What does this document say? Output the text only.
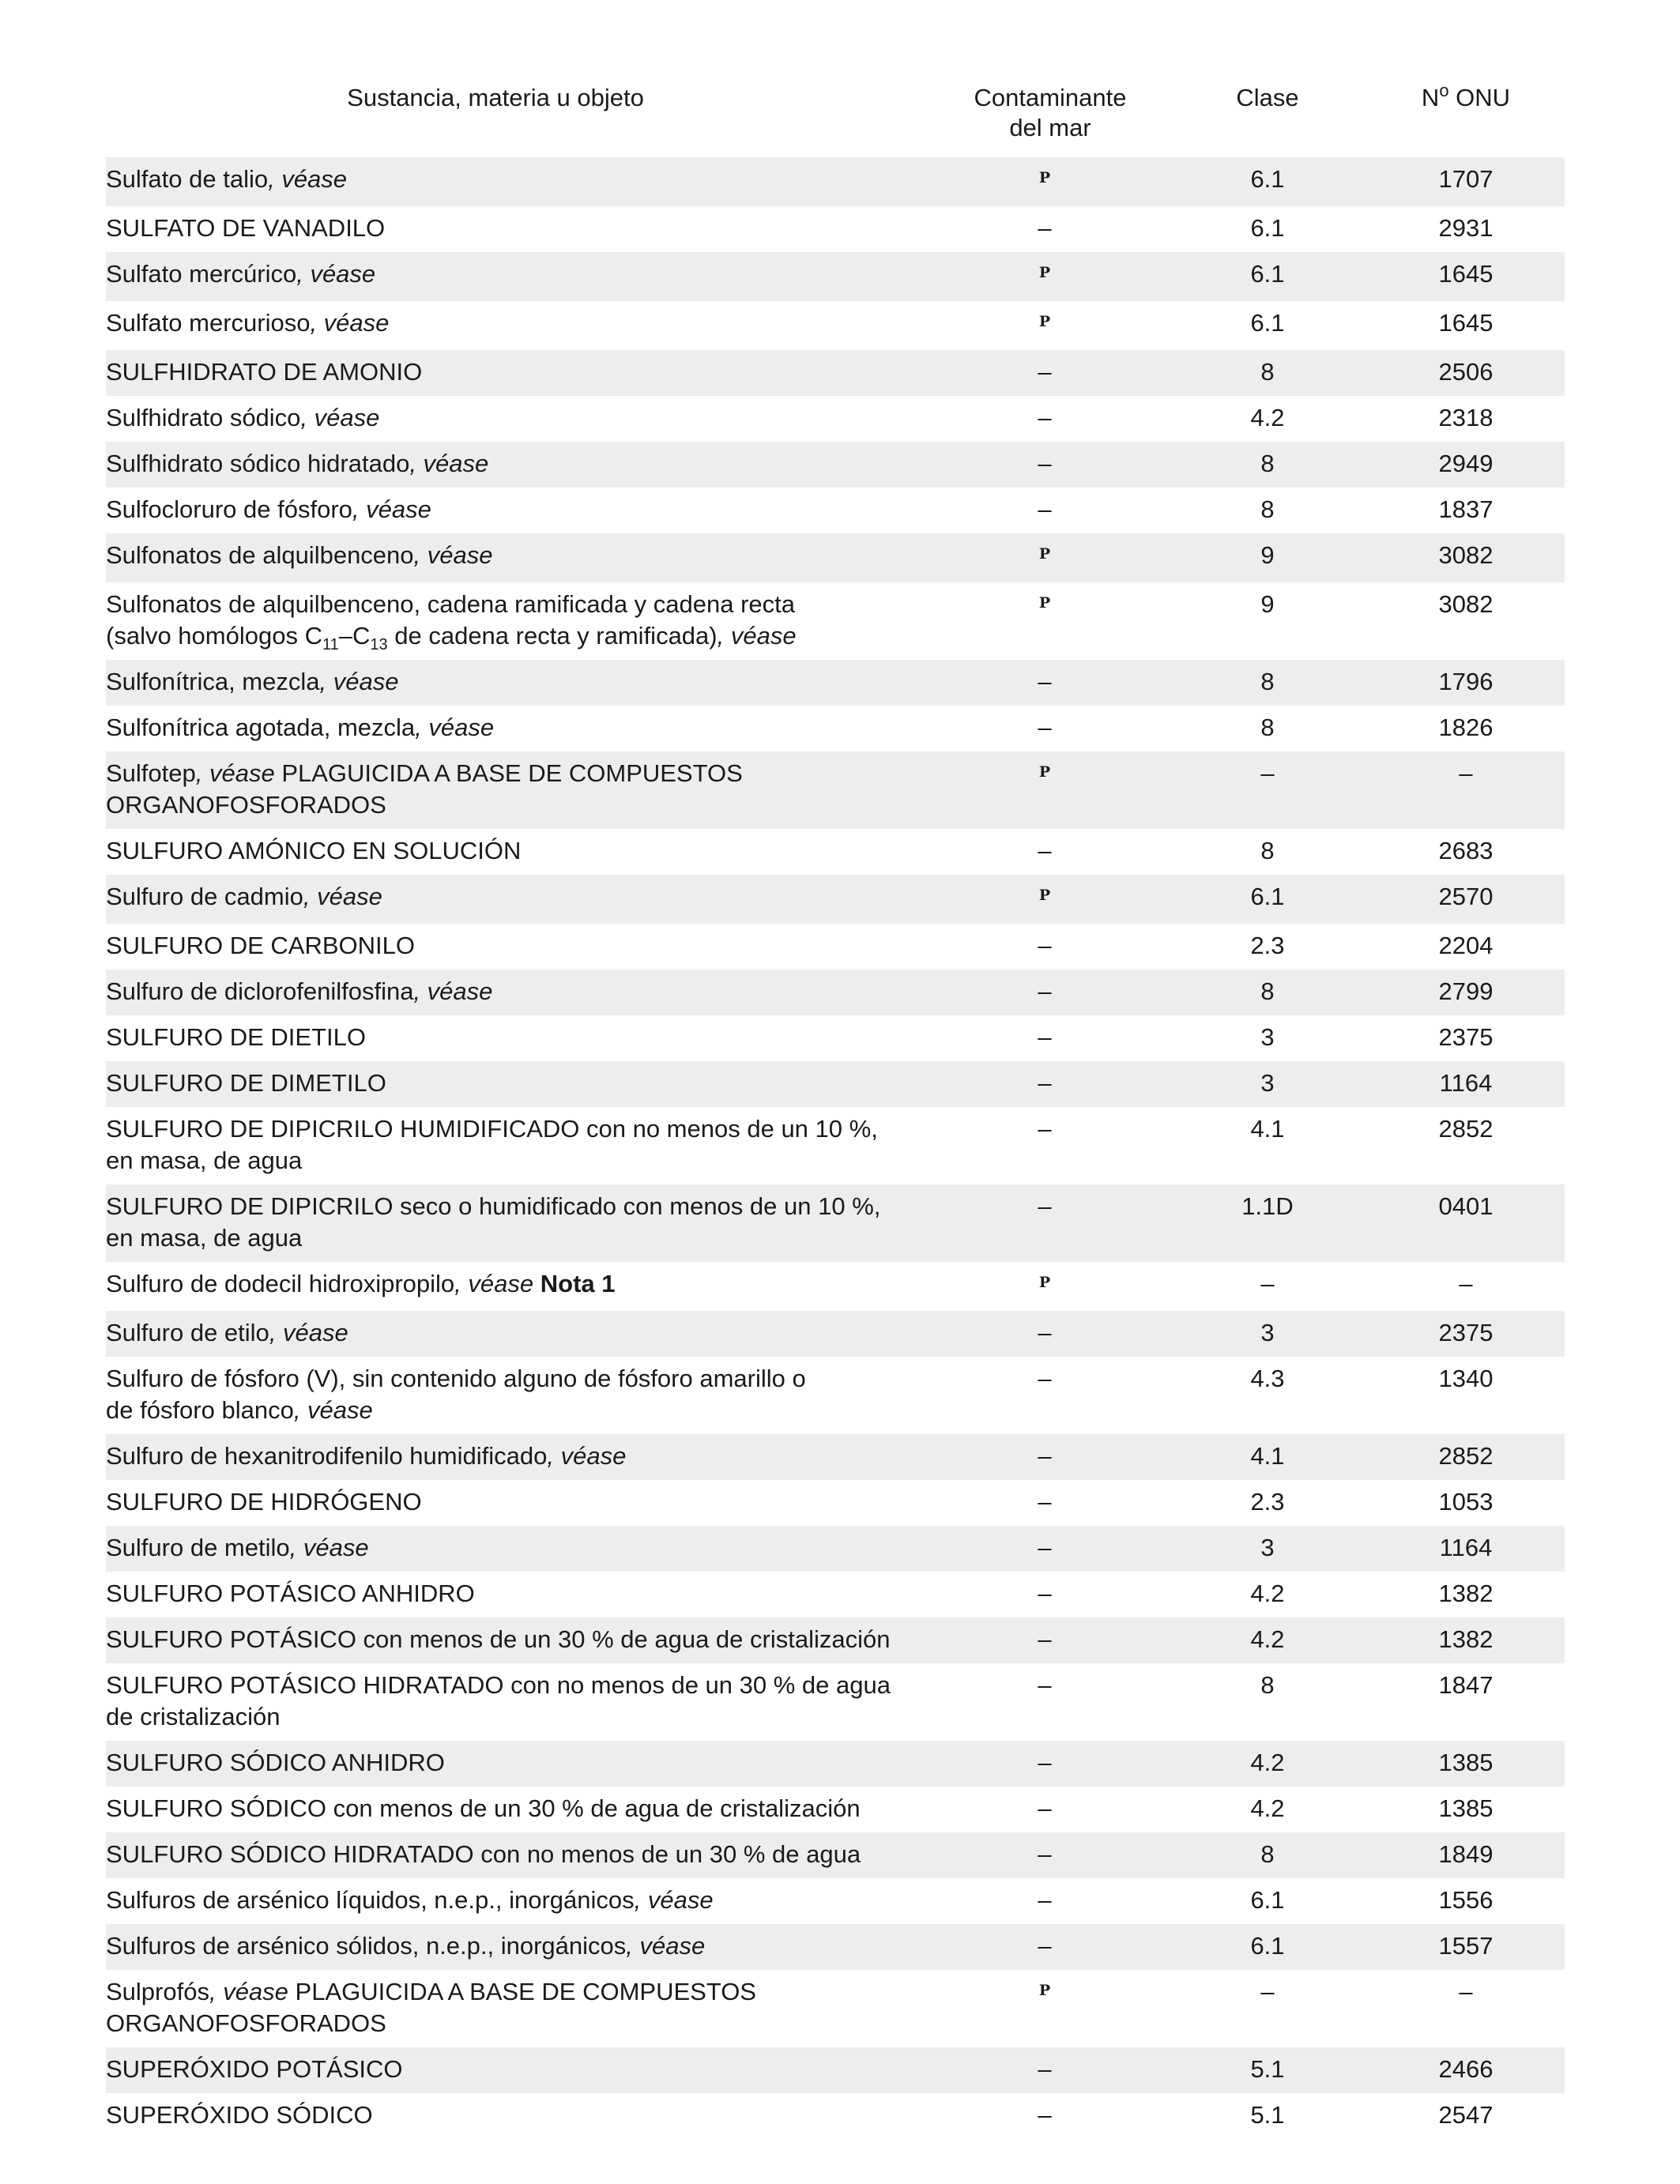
Sustancia, materia u objeto	Contaminante
del mar	Clase	$N^o$ ONU
Sulfato de talio, véase	P	6.1	1707
SULFATO DE VANADILO	–	6.1	2931
Sulfato mercúrico, véase	P	6.1	1645
Sulfato mercurioso, véase	P	6.1	1645
SULFHIDRATO DE AMONIO	–	8	2506
Sulfhidrato sódico, véase	–	4.2	2318
Sulfhidrato sódico hidratado, véase	–	8	2949
Sulfocloruro de fósforo, véase	–	8	1837
Sulfonatos de alquilbenceno, véase	P	9	3082
Sulfonatos de alquilbenceno, cadena ramificada y cadena recta
(salvo homólogos $C_{11}-C_{13}$ de cadena recta y ramificada), véase	P	9	3082
Sulfonítrica, mezcla, véase	–	8	1796
Sulfonítrica agotada, mezcla, véase	–	8	1826
Sulfotep, véase PLAGUICIDA A BASE DE COMPUESTOS
ORGANOFOSFORADOS	P	–	–
SULFURO AMÓNICO EN SOLUCIÓN	–	8	2683
Sulfuro de cadmio, véase	P	6.1	2570
SULFURO DE CARBONILO	–	2.3	2204
Sulfuro de diclorofenilfosfina, véase	–	8	2799
SULFURO DE DIETILO	–	3	2375
SULFURO DE DIMETILO	–	3	1164
SULFURO DE DIPICRILO HUMIDIFICADO con no menos de un 10 %,
en masa, de agua	–	4.1	2852
SULFURO DE DIPICRILO seco o humidificado con menos de un 10 %,
en masa, de agua	–	1.1D	0401
Sulfuro de dodecil hidroxipropilo, véase Nota 1	P	–	–
Sulfuro de etilo, véase	–	3	2375
Sulfuro de fósforo (V), sin contenido alguno de fósforo amarillo o
de fósforo blanco, véase	–	4.3	1340
Sulfuro de hexanitrodifenilo humidificado, véase	–	4.1	2852
SULFURO DE HIDRÓGENO	–	2.3	1053
Sulfuro de metilo, véase	–	3	1164
SULFURO POTÁSICO ANHIDRO	–	4.2	1382
SULFURO POTÁSICO con menos de un 30 % de agua de cristalización	–	4.2	1382
SULFURO POTÁSICO HIDRATADO con no menos de un 30 % de agua
de cristalización	–	8	1847
SULFURO SÓDICO ANHIDRO	–	4.2	1385
SULFURO SÓDICO con menos de un 30 % de agua de cristalización	–	4.2	1385
SULFURO SÓDICO HIDRATADO con no menos de un 30 % de agua	–	8	1849
Sulfuros de arsénico líquidos, n.e.p., inorgánicos, véase	–	6.1	1556
Sulfuros de arsénico sólidos, n.e.p., inorgánicos, véase	–	6.1	1557
Sulprofós, véase PLAGUICIDA A BASE DE COMPUESTOS
ORGANOFOSFORADOS	P	–	–
SUPERÓXIDO POTÁSICO	–	5.1	2466
SUPERÓXIDO SÓDICO	–	5.1	2547
